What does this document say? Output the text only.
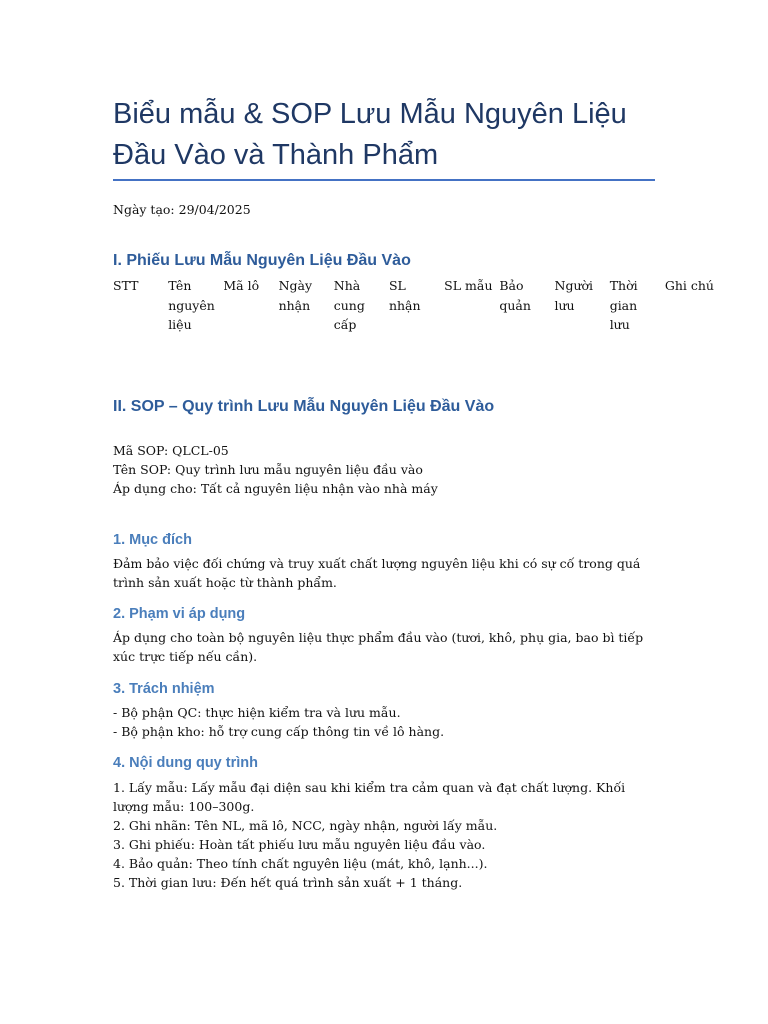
Biểu mẫu & SOP Lưu Mẫu Nguyên Liệu Đầu Vào và Thành Phẩm
Ngày tạo: 29/04/2025
I. Phiếu Lưu Mẫu Nguyên Liệu Đầu Vào
STT	Tên nguyên liệu	Mã lô	Ngày nhận	Nhà cung cấp	SL nhận	SL mẫu	Bảo quản	Người lưu	Thời gian lưu	Ghi chú
II. SOP – Quy trình Lưu Mẫu Nguyên Liệu Đầu Vào

Mã SOP: QLCL-05

Tên SOP: Quy trình lưu mẫu nguyên liệu đầu vào

Áp dụng cho: Tất cả nguyên liệu nhận vào nhà máy

1. Mục đích

Đảm bảo việc đối chứng và truy xuất chất lượng nguyên liệu khi có sự cố trong quá trình sản xuất hoặc từ thành phẩm.

2. Phạm vi áp dụng

Áp dụng cho toàn bộ nguyên liệu thực phẩm đầu vào (tươi, khô, phụ gia, bao bì tiếp xúc trực tiếp nếu cần).

3. Trách nhiệm

- Bộ phận QC: thực hiện kiểm tra và lưu mẫu.

- Bộ phận kho: hỗ trợ cung cấp thông tin về lô hàng.

4. Nội dung quy trình

1. Lấy mẫu: Lấy mẫu đại diện sau khi kiểm tra cảm quan và đạt chất lượng. Khối lượng mẫu: 100–300g.

2. Ghi nhãn: Tên NL, mã lô, NCC, ngày nhận, người lấy mẫu.

3. Ghi phiếu: Hoàn tất phiếu lưu mẫu nguyên liệu đầu vào.

4. Bảo quản: Theo tính chất nguyên liệu (mát, khô, lạnh...).

5. Thời gian lưu: Đến hết quá trình sản xuất + 1 tháng.
